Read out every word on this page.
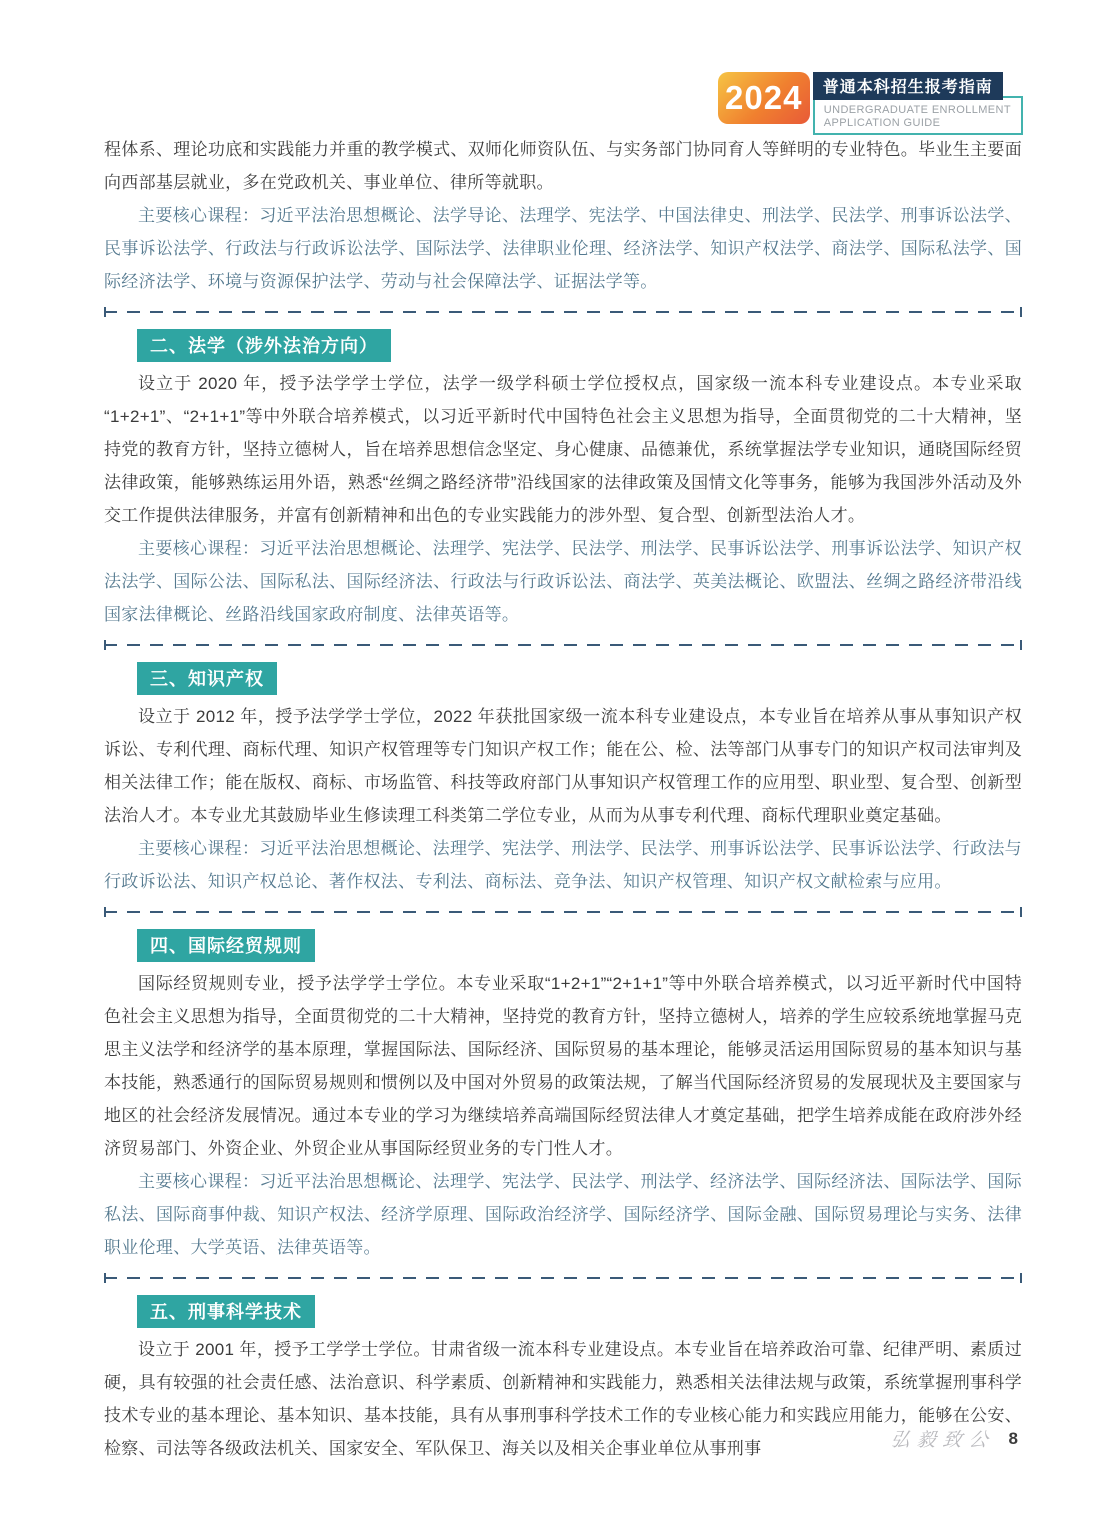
2024	普通本科招生报考指南
UNDERGRADUATE ENROLLMENT
APPLICATION GUIDE

程体系、理论功底和实践能力并重的教学模式、双师化师资队伍、与实务部门协同育人等鲜明的专业特色。毕业生主要面向西部基层就业，多在党政机关、事业单位、律所等就职。

主要核心课程：习近平法治思想概论、法学导论、法理学、宪法学、中国法律史、刑法学、民法学、刑事诉讼法学、民事诉讼法学、行政法与行政诉讼法学、国际法学、法律职业伦理、经济法学、知识产权法学、商法学、国际私法学、国际经济法学、环境与资源保护法学、劳动与社会保障法学、证据法学等。

二、法学（涉外法治方向）

设立于 2020 年，授予法学学士学位，法学一级学科硕士学位授权点，国家级一流本科专业建设点。本专业采取“1+2+1”、“2+1+1”等中外联合培养模式，以习近平新时代中国特色社会主义思想为指导，全面贯彻党的二十大精神，坚持党的教育方针，坚持立德树人，旨在培养思想信念坚定、身心健康、品德兼优，系统掌握法学专业知识，通晓国际经贸法律政策，能够熟练运用外语，熟悉“丝绸之路经济带”沿线国家的法律政策及国情文化等事务，能够为我国涉外活动及外交工作提供法律服务，并富有创新精神和出色的专业实践能力的涉外型、复合型、创新型法治人才。

主要核心课程：习近平法治思想概论、法理学、宪法学、民法学、刑法学、民事诉讼法学、刑事诉讼法学、知识产权法法学、国际公法、国际私法、国际经济法、行政法与行政诉讼法、商法学、英美法概论、欧盟法、丝绸之路经济带沿线国家法律概论、丝路沿线国家政府制度、法律英语等。

三、知识产权

设立于 2012 年，授予法学学士学位，2022 年获批国家级一流本科专业建设点，本专业旨在培养从事从事知识产权诉讼、专利代理、商标代理、知识产权管理等专门知识产权工作；能在公、检、法等部门从事专门的知识产权司法审判及相关法律工作；能在版权、商标、市场监管、科技等政府部门从事知识产权管理工作的应用型、职业型、复合型、创新型法治人才。本专业尤其鼓励毕业生修读理工科类第二学位专业，从而为从事专利代理、商标代理职业奠定基础。

主要核心课程：习近平法治思想概论、法理学、宪法学、刑法学、民法学、刑事诉讼法学、民事诉讼法学、行政法与行政诉讼法、知识产权总论、著作权法、专利法、商标法、竞争法、知识产权管理、知识产权文献检索与应用。

四、国际经贸规则

国际经贸规则专业，授予法学学士学位。本专业采取“1+2+1”“2+1+1”等中外联合培养模式，以习近平新时代中国特色社会主义思想为指导，全面贯彻党的二十大精神，坚持党的教育方针，坚持立德树人，培养的学生应较系统地掌握马克思主义法学和经济学的基本原理，掌握国际法、国际经济、国际贸易的基本理论，能够灵活运用国际贸易的基本知识与基本技能，熟悉通行的国际贸易规则和惯例以及中国对外贸易的政策法规，了解当代国际经济贸易的发展现状及主要国家与地区的社会经济发展情况。通过本专业的学习为继续培养高端国际经贸法律人才奠定基础，把学生培养成能在政府涉外经济贸易部门、外资企业、外贸企业从事国际经贸业务的专门性人才。

主要核心课程：习近平法治思想概论、法理学、宪法学、民法学、刑法学、经济法学、国际经济法、国际法学、国际私法、国际商事仲裁、知识产权法、经济学原理、国际政治经济学、国际经济学、国际金融、国际贸易理论与实务、法律职业伦理、大学英语、法律英语等。

五、刑事科学技术

设立于 2001 年，授予工学学士学位。甘肃省级一流本科专业建设点。本专业旨在培养政治可靠、纪律严明、素质过硬，具有较强的社会责任感、法治意识、科学素质、创新精神和实践能力，熟悉相关法律法规与政策，系统掌握刑事科学技术专业的基本理论、基本知识、基本技能，具有从事刑事科学技术工作的专业核心能力和实践应用能力，能够在公安、检察、司法等各级政法机关、国家安全、军队保卫、海关以及相关企事业单位从事刑事	弘毅致公 8
